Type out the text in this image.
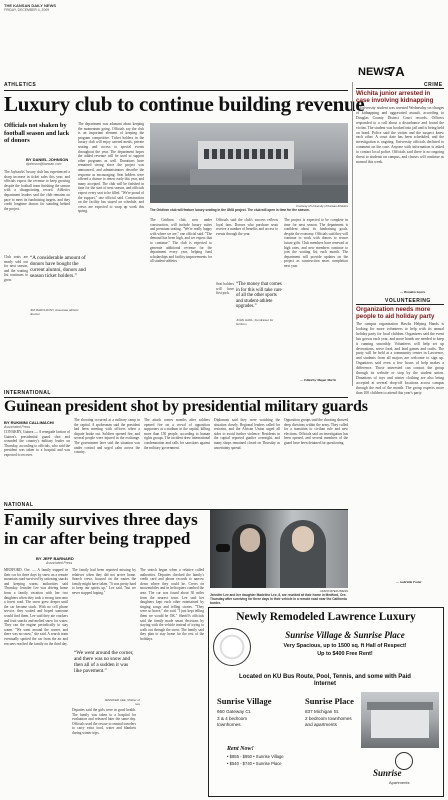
THE KANSAN DAILY NEWS
FRIDAY, DECEMBER 4, 2009
NEWS
7A
ATHLETICS
Luxury club to continue building revenue
Officials not shaken by football season and lack of donors
BY DANIEL JOHNSON
djohnson@kansan.com
The Jayhawks' luxury club has experienced a sharp increase in ticket sales this year, and officials expect the revenue to keep growing despite the football team finishing the season with a disappointing record. Athletics department leaders said the club remains on pace to meet its fundraising targets, and they credit longtime donors for standing behind the project.
“A considerable amount of donors have bought the current alumni, donors and season ticket holders.”
JIM MARCHIONY, Associate athletic director
Club seats are nearly sold out for next season, and the waiting list continues to grow.
The department was adamant about keeping the momentum going. Officials say the club is an important element of keeping the program competitive. Ticket holders in the luxury club will enjoy catered meals, private seating and access to special events throughout the year. The department hopes the added revenue will be used to support other programs as well. Donations have remained strong since the project was announced, and administrators describe the response as encouraging. Seat holders were offered a chance to renew early this year, and many accepted. The club will be finished in time for the start of next season, and officials expect every seat to be filled. "We're proud of the support," one official said. Construction on the facility has stayed on schedule, and crews are expected to wrap up work this spring.
Courtesy of University of Kansas Athletics
The Gridiron club will feature luxury seating in the UMU project. The club will open in time for the season.
The Gridiron club, now under construction, will include luxury suites and premium seating. "We're really happy with where we are," one official said. "The demand has been high, and we expect that to continue." The club is expected to generate additional revenue for the department every year, helping fund scholarships and facility improvements for all student-athletes.
Officials said the club's success reflects loyal fans. Donors who purchase seats receive a number of benefits and access to events through the year.
“The money that comes in for this will take care of all the other sports and student-athlete upgrades.”
JOHN HADL, Fundraiser for Gridiron
Seat holders will have first pick.
The project is expected to be complete in time for next season. The department is confident about its fundraising goals, despite the economy. Officials said they will continue to work with donors to secure future gifts. Club members have renewed at high rates, and new members continue to join the waiting list each month. The department will provide updates on the project as construction nears completion next year.
— Edited by Megan Morris
CRIME
Wichita junior arrested in case involving kidnapping
A University student was arrested Wednesday on charges of kidnapping and aggravated assault, according to Douglas County District Court records. Officers responded to a call about a disturbance and found the victim. The student was booked into jail and is being held on bond. Police said the victim and the suspect knew each other. A court date has been scheduled, and the investigation is ongoing. University officials declined to comment on the case. Anyone with information is asked to contact local police. Officials said there is no ongoing threat to students on campus, and classes will continue as normal this week.
— Brandon Sayers
VOLUNTEERING
Organization needs more people to aid holiday party
The campus organization Hawks Helping Hands is looking for more volunteers to help with its annual holiday party for local children. Organizers said the event has grown each year, and more hands are needed to keep it running smoothly. Volunteers will help set up decorations, serve food, and lead games and crafts. The party will be held at a community center in Lawrence, and students from all majors are welcome to sign up. Organizers said even a few hours of help makes a difference. Those interested can contact the group through its website or stop by the student union. Donations of toys and winter clothing are also being accepted at several drop-off locations across campus through the end of the month. The group expects more than 100 children to attend this year's party.
— Gabrielle Foster
INTERNATIONAL
Guinean president shot by presidential military guards
BY RUKMINI CALLIMACHI
Associated Press
CONAKRY, Guinea — A renegade faction of Guinea's presidential guard shot and wounded the country's military leader on Thursday, according to officials, who said the president was taken to a hospital and was expected to recover.
The shooting occurred at a military camp in the capital. A spokesman said the president had been meeting with officers when a dispute broke out. Soldiers opened fire, and several people were injured in the exchange. The government later said the situation was under control and urged calm across the country.
The attack comes months after soldiers opened fire on a crowd of opposition supporters at a stadium in the capital, killing more than 150 people, according to human rights groups. The incident drew international condemnation and calls for sanctions against the military government.
Diplomats said they were watching the situation closely. Regional leaders called for restraint, and the African Union urged all sides to avoid further violence. Residents in the capital reported gunfire overnight, and many shops remained closed on Thursday as uncertainty spread.
Opposition groups said the shooting showed deep divisions within the army. They called for a transition to civilian rule and new elections. Officials said an investigation has been opened, and several members of the guard have been detained for questioning.
NATIONAL
Family survives three days
in car after being trapped
BY JEFF BARNARD
Associated Press
MEDFORD, Ore. — A family trapped in their car for three days by snow on a remote mountain road survived by rationing snacks and keeping warm, authorities said Thursday. Jennifer Lee was driving home from a family vacation with her two daughters when they took a wrong turn onto a forest road. The snow grew deeper until the car became stuck. With no cell phone service, they waited and hoped someone would find them. Lee said they ate crackers and fruit snacks and melted snow for water. They ran the engine periodically to stay warm. "We went around the corner, and there was no snow," she said. A search team eventually spotted the car from the air and rescuers reached the family on the third day.
“We went around the corner, and there was no snow and then all of a sudden it was like pavement.”
JENNIFER LEE, Mother of two
The family had been reported missing by relatives when they did not arrive home. Search crews focused on the routes the family might have taken. "It was pretty hard to keep our spirits up," Lee said, "but we never stopped hoping."
Deputies said the girls were in good health. The family was taken to a hospital for evaluation and released later the same day. Officials used the rescue to remind travelers to carry extra food, water and blankets during winter trips.
The search began when a relative called authorities. Deputies checked the family's credit card and phone records to narrow down where they could be. Crews on snowmobiles and in helicopters combed the area. The car was found about 30 miles from the nearest town. Lee said her daughters kept each other entertained by singing songs and telling stories. "They were so brave," she said. "I just kept telling them we would be OK." Sheriff's officials said the family made smart decisions by staying with the vehicle instead of trying to walk out through the snow. The family said they plan to stay home for the rest of the holidays.
ASSOCIATED PRESS
Jennifer Lee and her daughter Madeline Lee, 8, are reunited at their home in Medford, Ore. Thursday after surviving for three days in their vehicle in a remote road near the California border.
Newly Remodeled Lawrence Luxury
Sunrise Village & Sunrise Place
Very Spacious, up to 1500 sq. ft Hall of Respect!
Up to $400 Free Rent!
Located on KU Bus Route, Pool, Tennis, and some with Paid Internet
Sunrise Village
660 Gateway Ct.
3 & 4 bedroom townhomes
Sunrise Place
837 Michigan St.
2 bedroom townhomes and apartments
Rent Now!
• $855 - $950 • Sunrise Village
• $540 - $740 • Sunrise Place
Sunrise
Apartments
